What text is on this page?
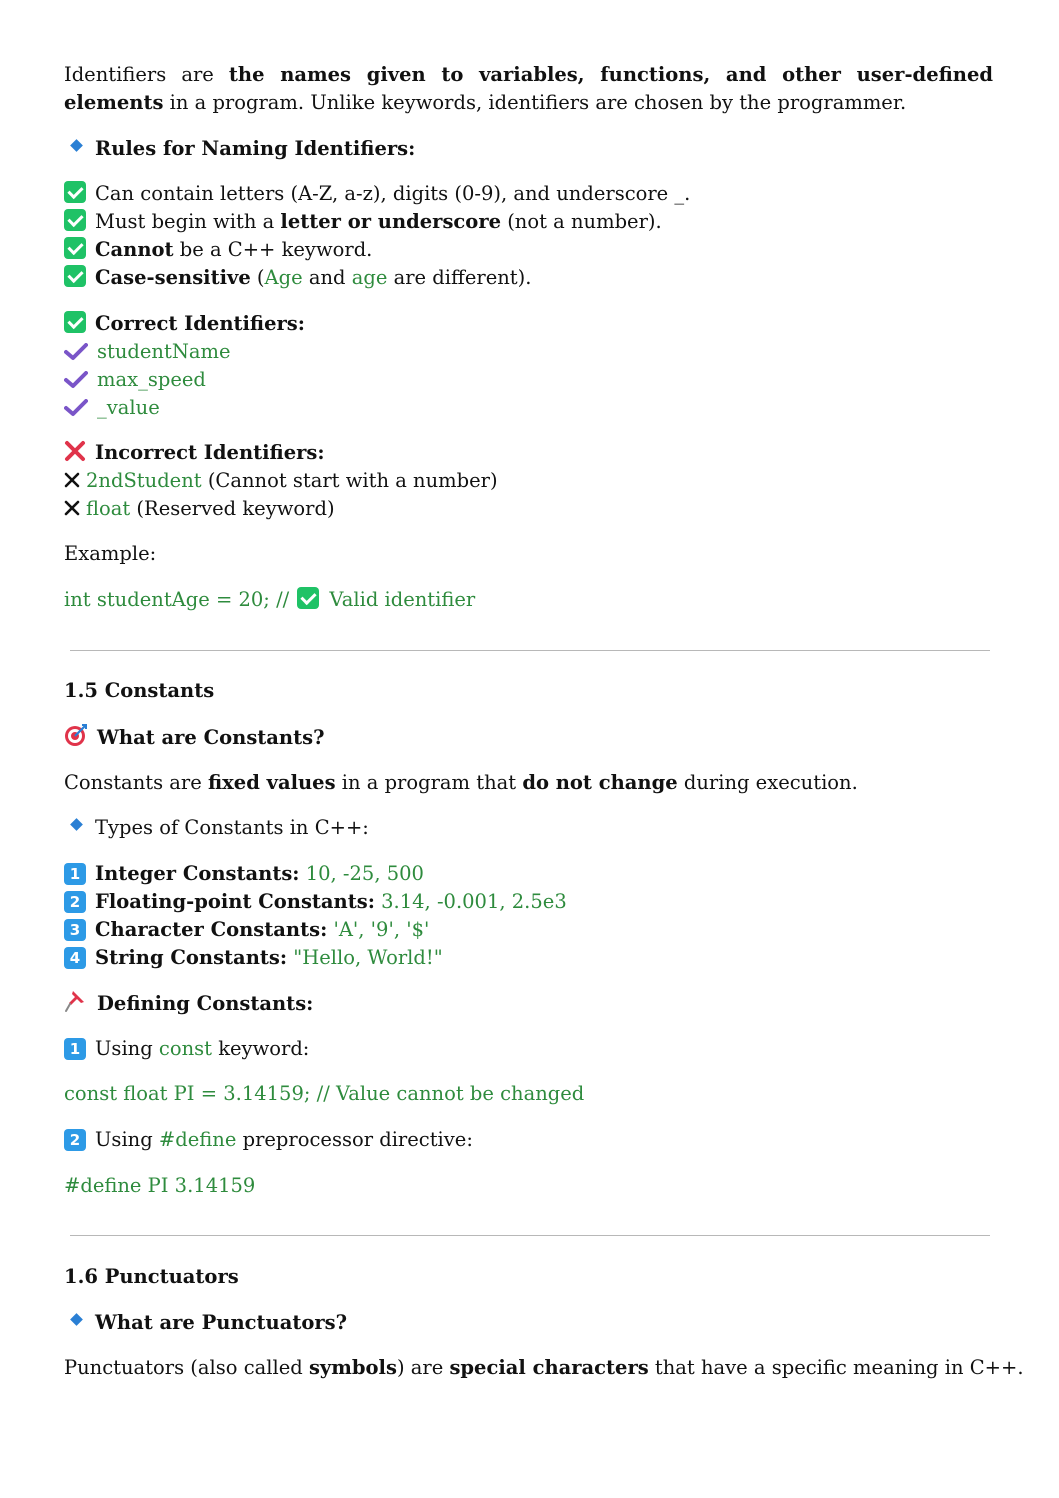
Identifiers are the names given to variables, functions, and other user-defined
elements in a program. Unlike keywords, identifiers are chosen by the programmer.
Rules for Naming Identifiers:
Can contain letters (A-Z, a-z), digits (0-9), and underscore _.
Must begin with a letter or underscore (not a number).
Cannot be a C++ keyword.
Case-sensitive (Age and age are different).
Correct Identifiers:
studentName
max_speed
_value
Incorrect Identifiers:
2ndStudent (Cannot start with a number)
float (Reserved keyword)
Example:
int studentAge = 20; // Valid identifier
1.5 Constants
What are Constants?
Constants are fixed values in a program that do not change during execution.
Types of Constants in C++:
1 Integer Constants: 10, -25, 500
2 Floating-point Constants: 3.14, -0.001, 2.5e3
3 Character Constants: 'A', '9', '$'
4 String Constants: "Hello, World!"
Defining Constants:
1 Using const keyword:
const float PI = 3.14159; // Value cannot be changed
2 Using #define preprocessor directive:
#define PI 3.14159
1.6 Punctuators
What are Punctuators?
Punctuators (also called symbols) are special characters that have a specific meaning in C++.
